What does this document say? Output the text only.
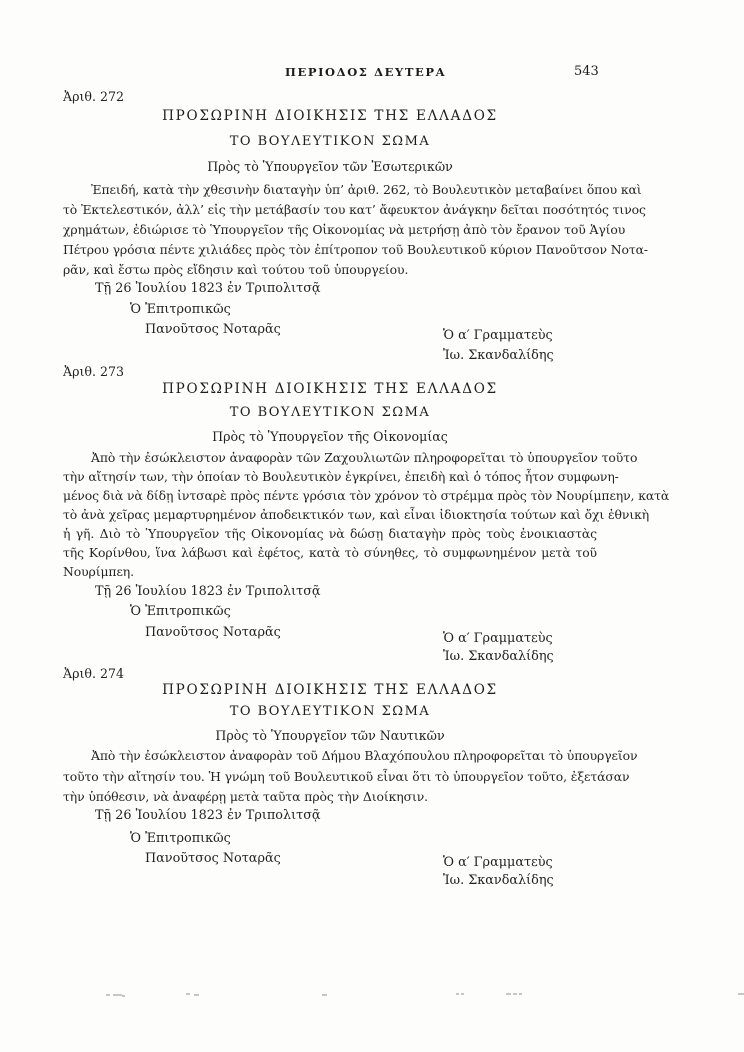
ΠΕΡΙΟΔΟΣ ΔΕΥΤΕΡΑ	543
Ἀριθ. 272
ΠΡΟΣΩΡΙΝΗ ΔΙΟΙΚΗΣΙΣ ΤΗΣ ΕΛΛΑΔΟΣ
ΤΟ ΒΟΥΛΕΥΤΙΚΟΝ ΣΩΜΑ
Πρὸς τὸ Ὑπουργεῖον τῶν Ἐσωτερικῶν
Ἐπειδή, κατὰ τὴν χθεσινὴν διαταγὴν ὑπ’ ἀριθ. 262, τὸ Βουλευτικὸν μεταβαίνει ὅπου καὶ
τὸ Ἐκτελεστικόν, ἀλλ’ εἰς τὴν μετάβασίν του κατ’ ἄφευκτον ἀνάγκην δεῖται ποσότητός τινος
χρημάτων, ἐδιώρισε τὸ Ὑπουργεῖον τῆς Οἰκονομίας νὰ μετρήσῃ ἀπὸ τὸν ἔρανον τοῦ Ἁγίου
Πέτρου γρόσια πέντε χιλιάδες πρὸς τὸν ἐπίτροπον τοῦ Βουλευτικοῦ κύριον Πανοῦτσον Νοτα-
ρᾶν, καὶ ἔστω πρὸς εἴδησιν καὶ τούτου τοῦ ὑπουργείου.
Τῇ 26 Ἰουλίου 1823 ἐν Τριπολιτσᾷ
Ὁ Ἐπιτροπικῶς
Πανοῦτσος Νοταρᾶς	Ὁ α′ Γραμματεὺς
Ἰω. Σκανδαλίδης
Ἀριθ. 273
ΠΡΟΣΩΡΙΝΗ ΔΙΟΙΚΗΣΙΣ ΤΗΣ ΕΛΛΑΔΟΣ
ΤΟ ΒΟΥΛΕΥΤΙΚΟΝ ΣΩΜΑ
Πρὸς τὸ Ὑπουργεῖον τῆς Οἰκονομίας
Ἀπὸ τὴν ἐσώκλειστον ἀναφορὰν τῶν Ζαχουλιωτῶν πληροφορεῖται τὸ ὑπουργεῖον τοῦτο
τὴν αἴτησίν των, τὴν ὁποίαν τὸ Βουλευτικὸν ἐγκρίνει, ἐπειδὴ καὶ ὁ τόπος ἦτον συμφωνη-
μένος διὰ νὰ δίδῃ ἰντσαρὲ πρὸς πέντε γρόσια τὸν χρόνον τὸ στρέμμα πρὸς τὸν Νουρίμπεην, κατὰ
τὸ ἀνὰ χεῖρας μεμαρτυρημένον ἀποδεικτικόν των, καὶ εἶναι ἰδιοκτησία τούτων καὶ ὄχι ἐθνικὴ
ἡ γῆ. Διὸ τὸ Ὑπουργεῖον τῆς Οἰκονομίας νὰ δώσῃ διαταγὴν πρὸς τοὺς ἐνοικιαστὰς
τῆς Κορίνθου, ἵνα λάβωσι καὶ ἐφέτος, κατὰ τὸ σύνηθες, τὸ συμφωνημένον μετὰ τοῦ
Νουρίμπεη.
Τῇ 26 Ἰουλίου 1823 ἐν Τριπολιτσᾷ
Ὁ Ἐπιτροπικῶς
Πανοῦτσος Νοταρᾶς	Ὁ α′ Γραμματεὺς
Ἰω. Σκανδαλίδης
Ἀριθ. 274
ΠΡΟΣΩΡΙΝΗ ΔΙΟΙΚΗΣΙΣ ΤΗΣ ΕΛΛΑΔΟΣ
ΤΟ ΒΟΥΛΕΥΤΙΚΟΝ ΣΩΜΑ
Πρὸς τὸ Ὑπουργεῖον τῶν Ναυτικῶν
Ἀπὸ τὴν ἐσώκλειστον ἀναφορὰν τοῦ Δήμου Βλαχόπουλου πληροφορεῖται τὸ ὑπουργεῖον
τοῦτο τὴν αἴτησίν του. Ἡ γνώμη τοῦ Βουλευτικοῦ εἶναι ὅτι τὸ ὑπουργεῖον τοῦτο, ἐξετάσαν
τὴν ὑπόθεσιν, νὰ ἀναφέρῃ μετὰ ταῦτα πρὸς τὴν Διοίκησιν.
Τῇ 26 Ἰουλίου 1823 ἐν Τριπολιτσᾷ
Ὁ Ἐπιτροπικῶς
Πανοῦτσος Νοταρᾶς	Ὁ α′ Γραμματεὺς
Ἰω. Σκανδαλίδης
